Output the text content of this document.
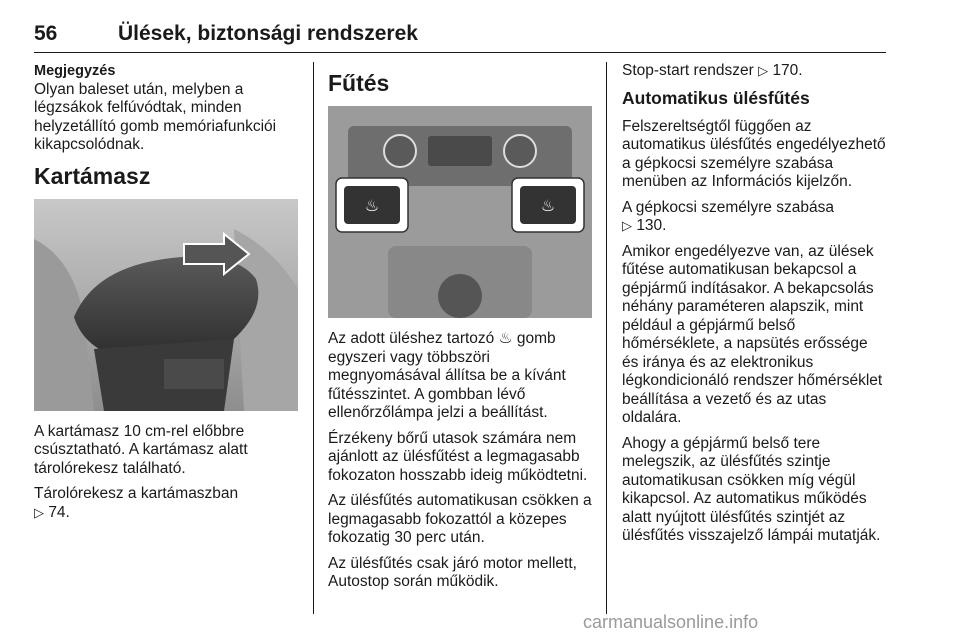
56	Ülések, biztonsági rendszerek

Megjegyzés

Olyan baleset után, melyben a légzsákok felfúvódtak, minden helyzetállító gomb memóriafunkciói kikapcsolódnak.

Kartámasz

A kartámasz 10 cm-rel előbbre csúsztatható. A kartámasz alatt tárolórekesz található.

Tárolórekesz a kartámaszban
▷ 74.

Fűtés
♨	♨

Az adott üléshez tartozó ♨ gomb egyszeri vagy többszöri megnyomásával állítsa be a kívánt fűtésszintet. A gombban lévő ellenőrzőlámpa jelzi a beállítást.

Érzékeny bőrű utasok számára nem ajánlott az ülésfűtést a legmagasabb fokozaton hosszabb ideig működtetni.

Az ülésfűtés automatikusan csökken a legmagasabb fokozattól a közepes fokozatig 30 perc után.

Az ülésfűtés csak járó motor mellett, Autostop során működik.

Stop-start rendszer ▷ 170.

Automatikus ülésfűtés

Felszereltségtől függően az automatikus ülésfűtés engedélyezhető a gépkocsi személyre szabása menüben az Információs kijelzőn.

A gépkocsi személyre szabása
▷ 130.

Amikor engedélyezve van, az ülések fűtése automatikusan bekapcsol a gépjármű indításakor. A bekapcsolás néhány paraméteren alapszik, mint például a gépjármű belső hőmérséklete, a napsütés erőssége és iránya és az elektronikus légkondicionáló rendszer hőmérséklet beállítása a vezető és az utas oldalára.

Ahogy a gépjármű belső tere melegszik, az ülésfűtés szintje automatikusan csökken míg végül kikapcsol. Az automatikus működés alatt nyújtott ülésfűtés szintjét az ülésfűtés visszajelző lámpái mutatják.

carmanualsonline.info
